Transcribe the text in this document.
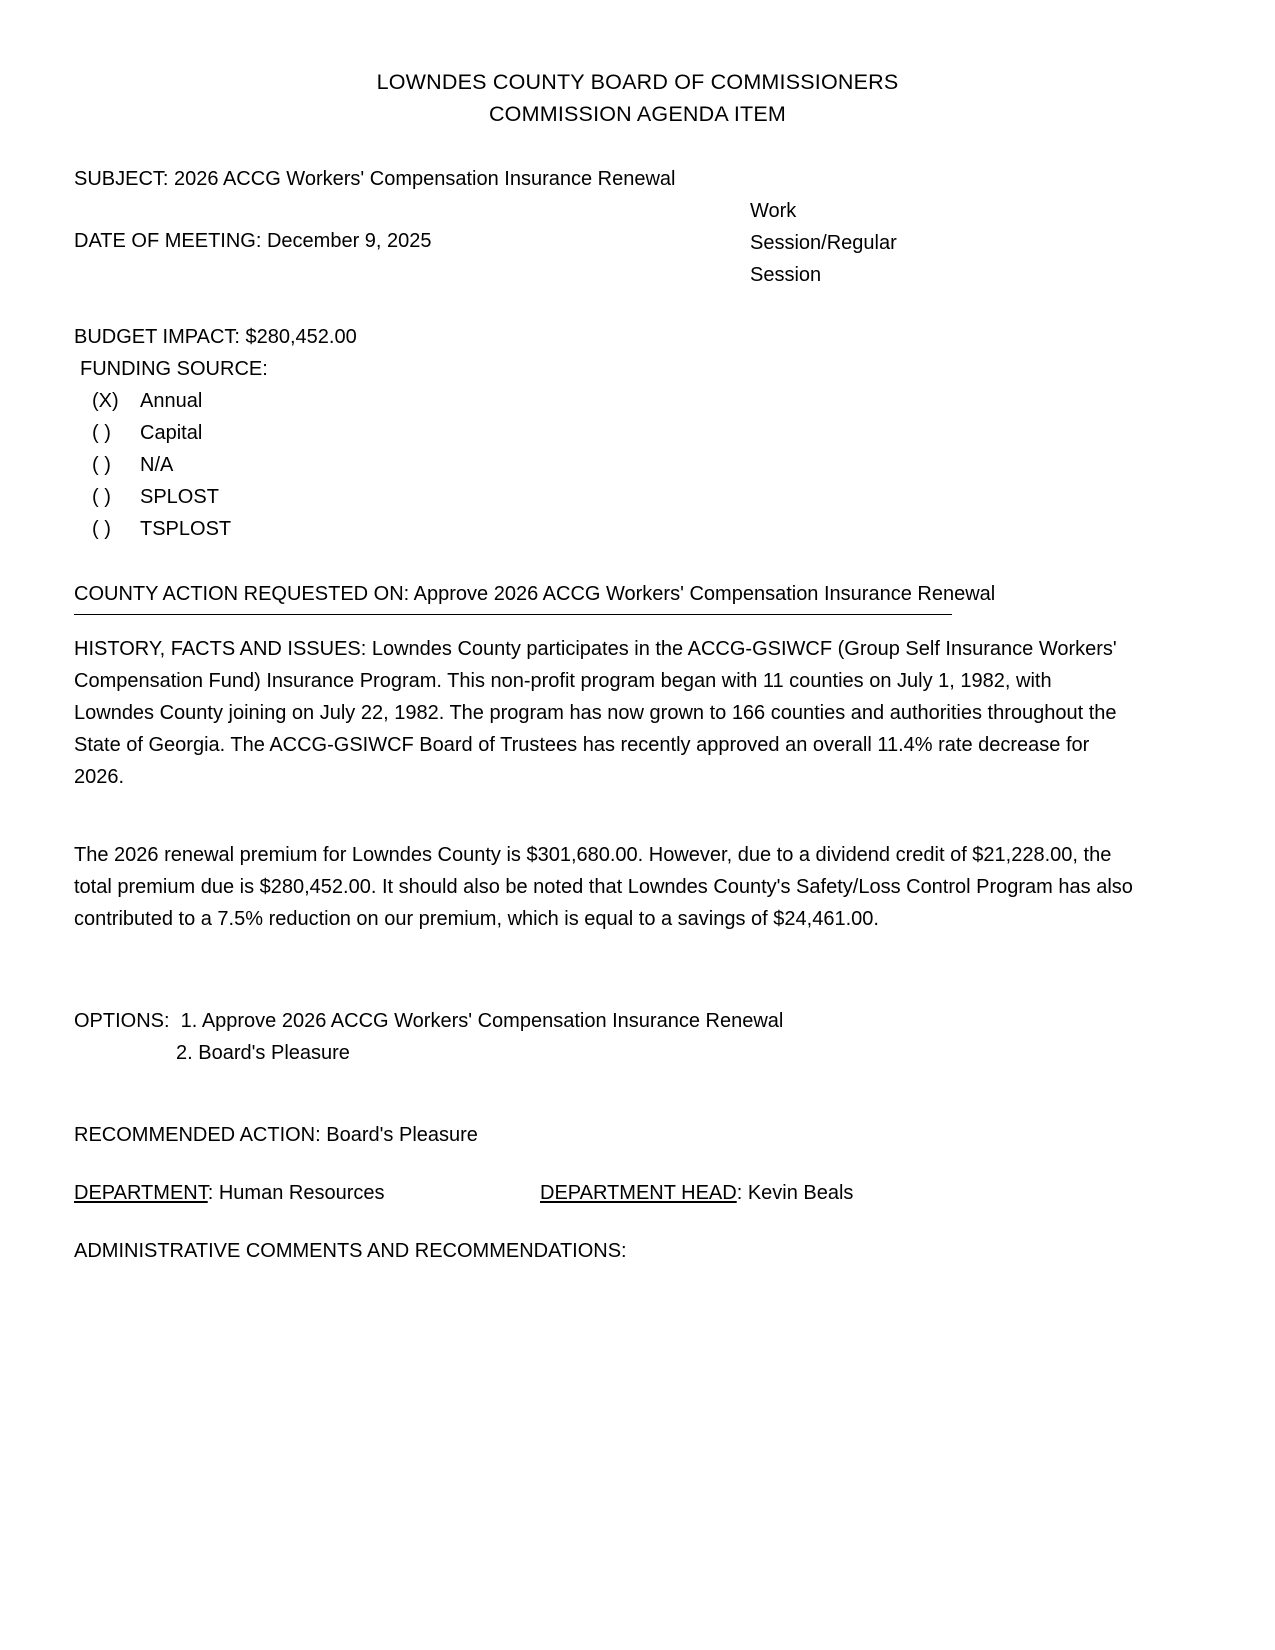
LOWNDES COUNTY BOARD OF COMMISSIONERS
COMMISSION AGENDA ITEM

SUBJECT: 2026 ACCG Workers' Compensation Insurance Renewal

DATE OF MEETING: December 9, 2025
Work
Session/Regular
Session

BUDGET IMPACT: $280,452.00

FUNDING SOURCE:

(X)	Annual
( )	Capital
( )	N/A
( )	SPLOST
( )	TSPLOST
COUNTY ACTION REQUESTED ON: Approve 2026 ACCG Workers' Compensation Insurance Renewal

HISTORY, FACTS AND ISSUES: Lowndes County participates in the ACCG-GSIWCF (Group Self Insurance Workers' Compensation Fund) Insurance Program. This non-profit program began with 11 counties on July 1, 1982, with Lowndes County joining on July 22, 1982. The program has now grown to 166 counties and authorities throughout the State of Georgia. The ACCG-GSIWCF Board of Trustees has recently approved an overall 11.4% rate decrease for 2026.

The 2026 renewal premium for Lowndes County is $301,680.00. However, due to a dividend credit of $21,228.00, the total premium due is $280,452.00. It should also be noted that Lowndes County's Safety/Loss Control Program has also contributed to a 7.5% reduction on our premium, which is equal to a savings of $24,461.00.

OPTIONS:  1. Approve 2026 ACCG Workers' Compensation Insurance Renewal

2. Board's Pleasure

RECOMMENDED ACTION: Board's Pleasure

DEPARTMENT: Human Resources	DEPARTMENT HEAD: Kevin Beals

ADMINISTRATIVE COMMENTS AND RECOMMENDATIONS:
